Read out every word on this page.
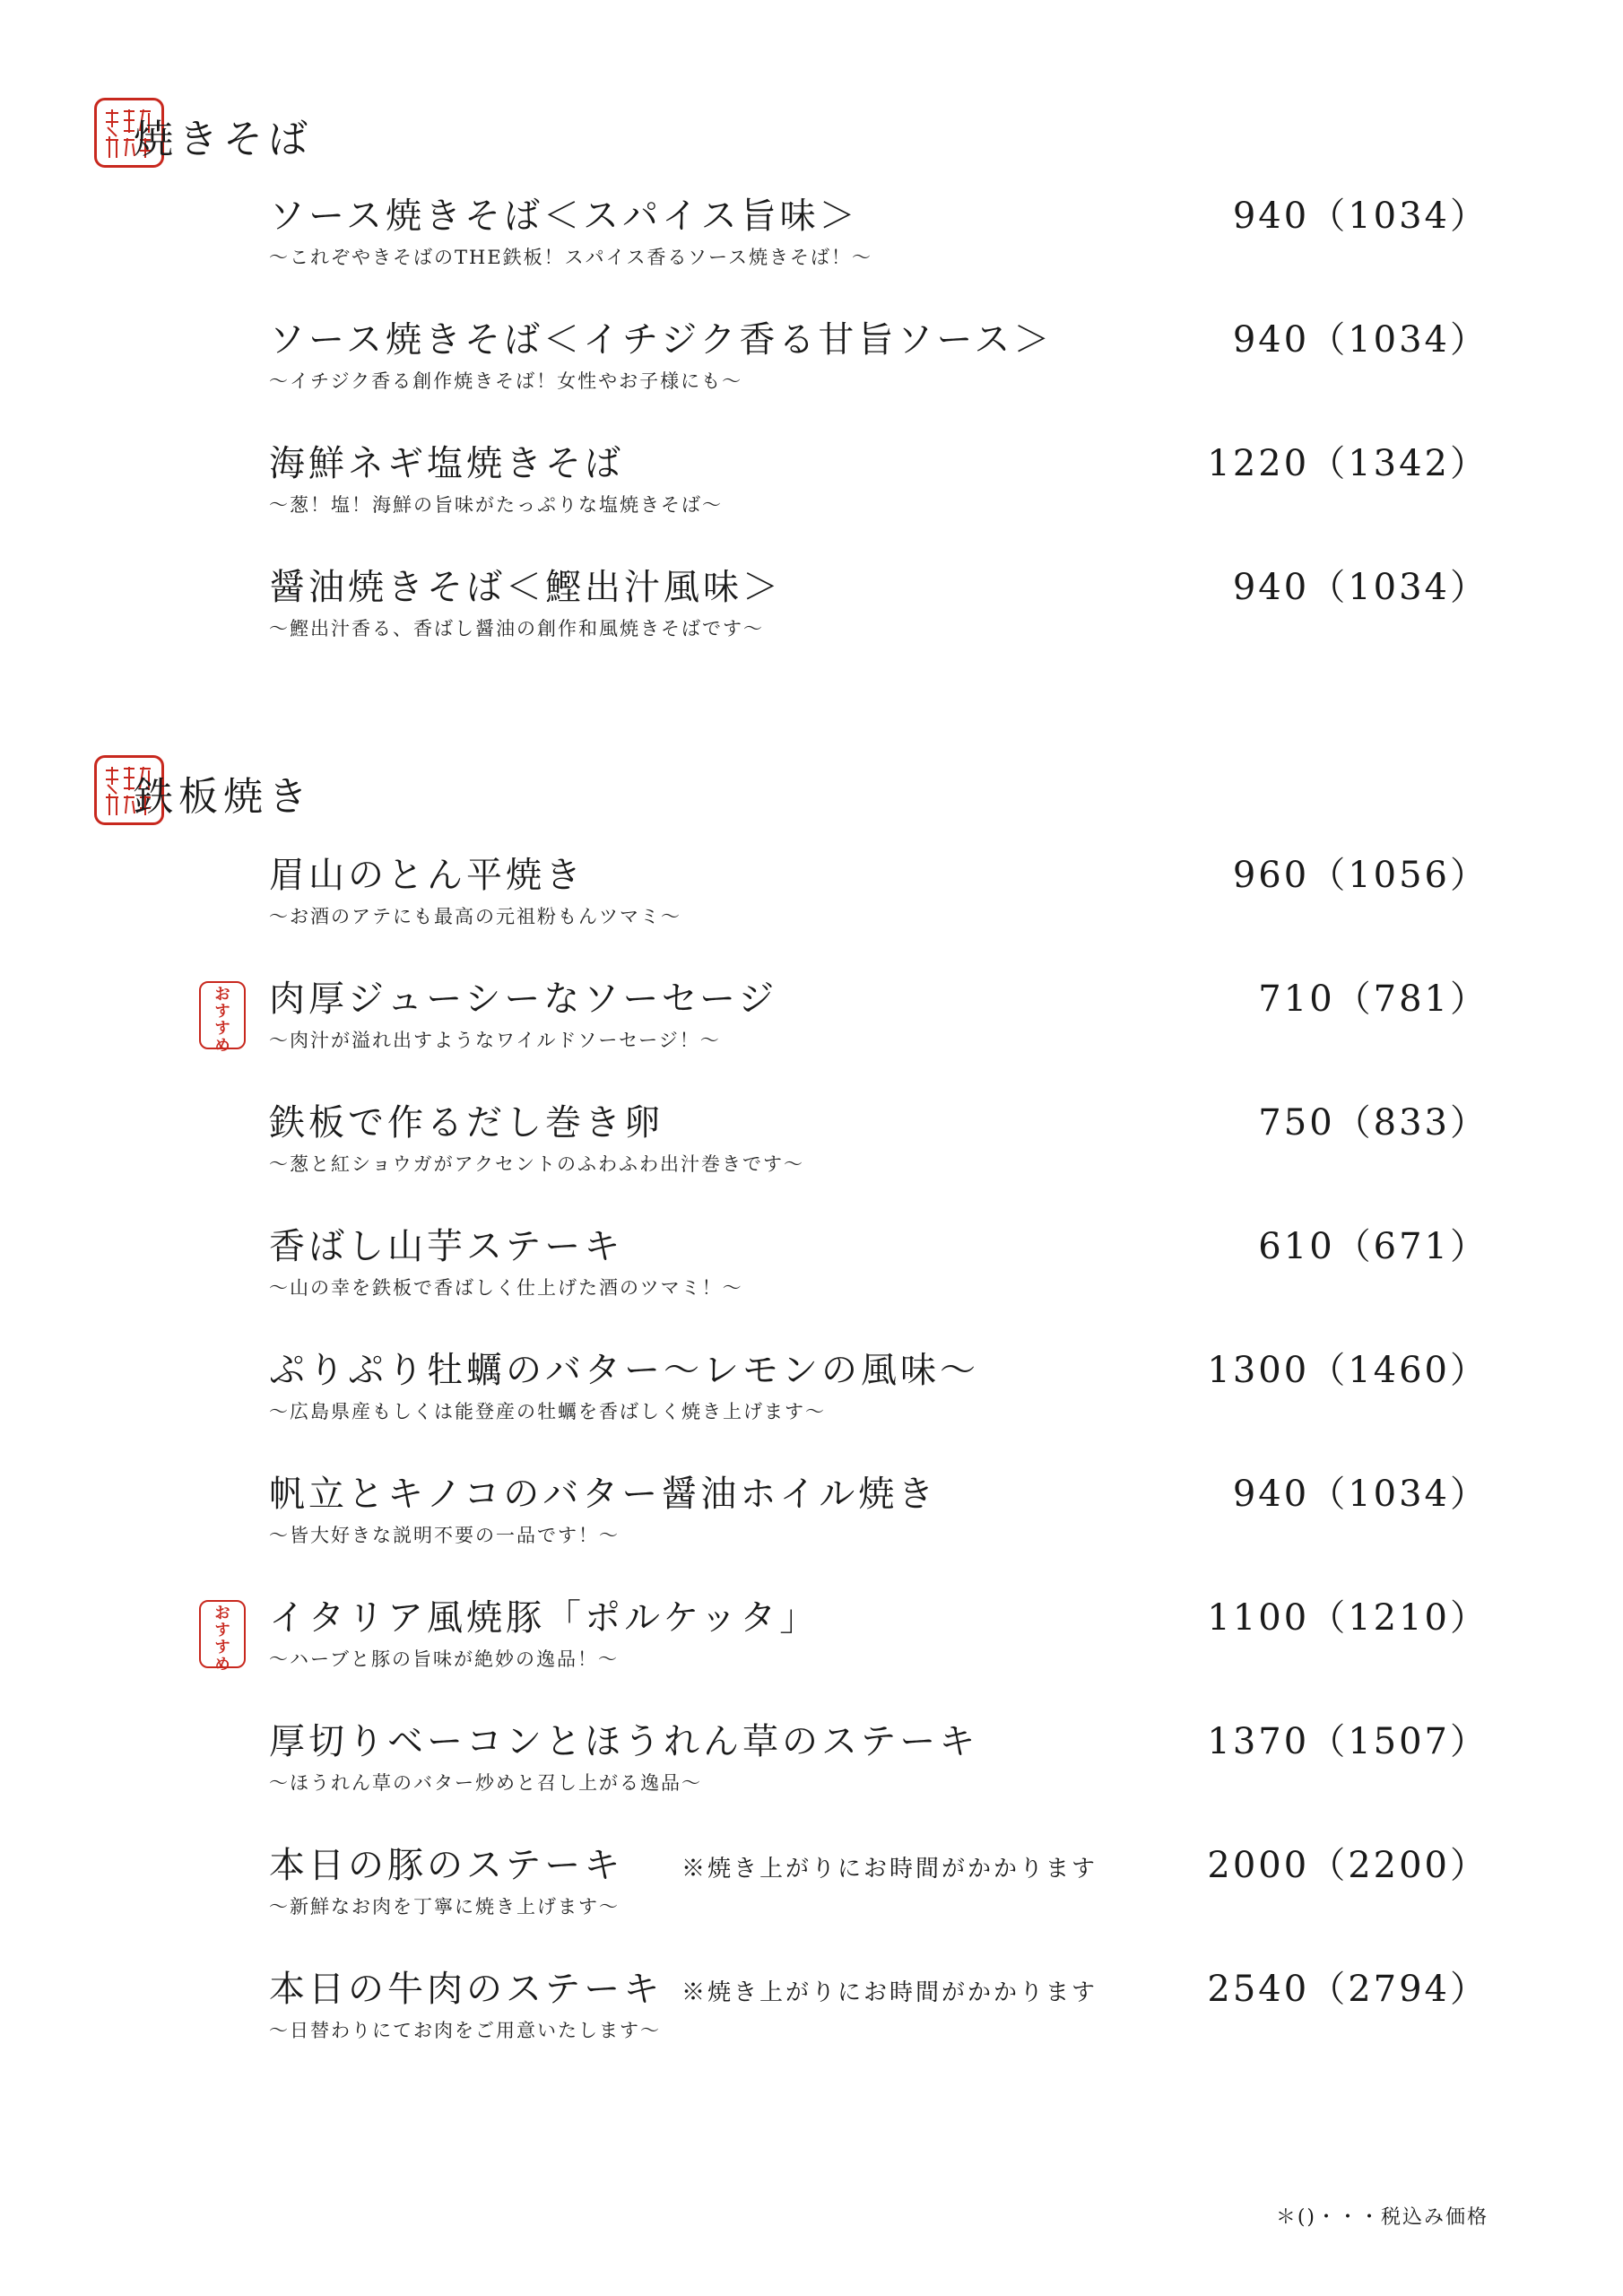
焼きそば
ソース焼きそば＜スパイス旨味＞	940（1034）
～これぞやきそばのTHE鉄板！スパイス香るソース焼きそば！～
ソース焼きそば＜イチジク香る甘旨ソース＞	940（1034）
～イチジク香る創作焼きそば！女性やお子様にも～
海鮮ネギ塩焼きそば	1220（1342）
～葱！塩！海鮮の旨味がたっぷりな塩焼きそば～
醤油焼きそば＜鰹出汁風味＞	940（1034）
～鰹出汁香る、香ばし醤油の創作和風焼きそばです～
鉄板焼き
眉山のとん平焼き	960（1056）
～お酒のアテにも最高の元祖粉もんツマミ～
お
す
す
め
肉厚ジューシーなソーセージ	710（781）
～肉汁が溢れ出すようなワイルドソーセージ！～
鉄板で作るだし巻き卵	750（833）
～葱と紅ショウガがアクセントのふわふわ出汁巻きです～
香ばし山芋ステーキ	610（671）
～山の幸を鉄板で香ばしく仕上げた酒のツマミ！～
ぷりぷり牡蠣のバター～レモンの風味～	1300（1460）
～広島県産もしくは能登産の牡蠣を香ばしく焼き上げます～
帆立とキノコのバター醤油ホイル焼き	940（1034）
～皆大好きな説明不要の一品です！～
お
す
す
め
イタリア風焼豚「ポルケッタ」	1100（1210）
～ハーブと豚の旨味が絶妙の逸品！～
厚切りベーコンとほうれん草のステーキ	1370（1507）
～ほうれん草のバター炒めと召し上がる逸品～
本日の豚のステーキ ※焼き上がりにお時間がかかります	2000（2200）
～新鮮なお肉を丁寧に焼き上げます～
本日の牛肉のステーキ ※焼き上がりにお時間がかかります	2540（2794）
～日替わりにてお肉をご用意いたします～
＊()・・・税込み価格
